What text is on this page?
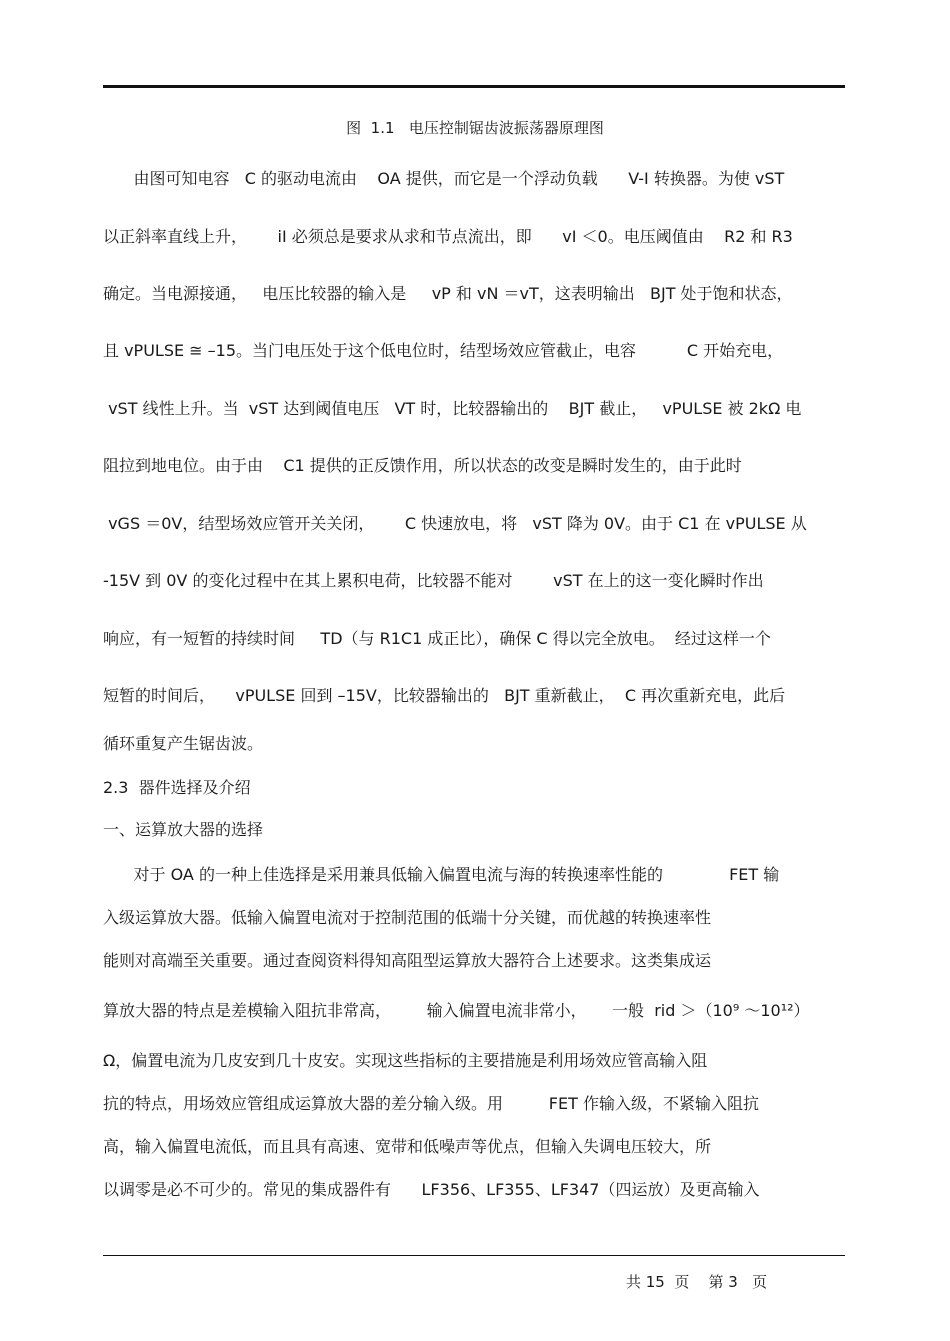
图  1.1   电压控制锯齿波振荡器原理图
由图可知电容   C 的驱动电流由    OA 提供，而它是一个浮动负载      V-I 转换器。为使 vST
以正斜率直线上升，      iI 必须总是要求从求和节点流出，即      vI ＜0。电压阈值由    R2 和 R3
确定。当电源接通，   电压比较器的输入是     vP 和 vN ＝vT，这表明输出   BJT 处于饱和状态，
且 vPULSE ≅ –15。当门电压处于这个低电位时，结型场效应管截止，电容          C 开始充电，
vST 线性上升。当  vST 达到阈值电压   VT 时，比较器输出的    BJT 截止，   vPULSE 被 2kΩ 电
阻拉到地电位。由于由    C1 提供的正反馈作用，所以状态的改变是瞬时发生的，由于此时
vGS ＝0V，结型场效应管开关关闭，      C 快速放电，将   vST 降为 0V。由于 C1 在 vPULSE 从
-15V 到 0V 的变化过程中在其上累积电荷，比较器不能对        vST 在上的这一变化瞬时作出
响应，有一短暂的持续时间     TD（与 R1C1 成正比），确保 C 得以完全放电。  经过这样一个
短暂的时间后，    vPULSE 回到 –15V，比较器输出的   BJT 重新截止，  C 再次重新充电，此后
循环重复产生锯齿波。
2.3  器件选择及介绍
一、运算放大器的选择
对于 OA 的一种上佳选择是采用兼具低输入偏置电流与海的转换速率性能的             FET 输
入级运算放大器。低输入偏置电流对于控制范围的低端十分关键，而优越的转换速率性
能则对高端至关重要。通过查阅资料得知高阻型运算放大器符合上述要求。这类集成运
算放大器的特点是差模输入阻抗非常高，       输入偏置电流非常小，     一般  rid ＞（10⁹ ～10¹²）
Ω，偏置电流为几皮安到几十皮安。实现这些指标的主要措施是利用场效应管高输入阻
抗的特点，用场效应管组成运算放大器的差分输入级。用         FET 作输入级，不紧输入阻抗
高，输入偏置电流低，而且具有高速、宽带和低噪声等优点，但输入失调电压较大，所
以调零是必不可少的。常见的集成器件有      LF356、LF355、LF347（四运放）及更高输入
共 15  页    第 3   页
